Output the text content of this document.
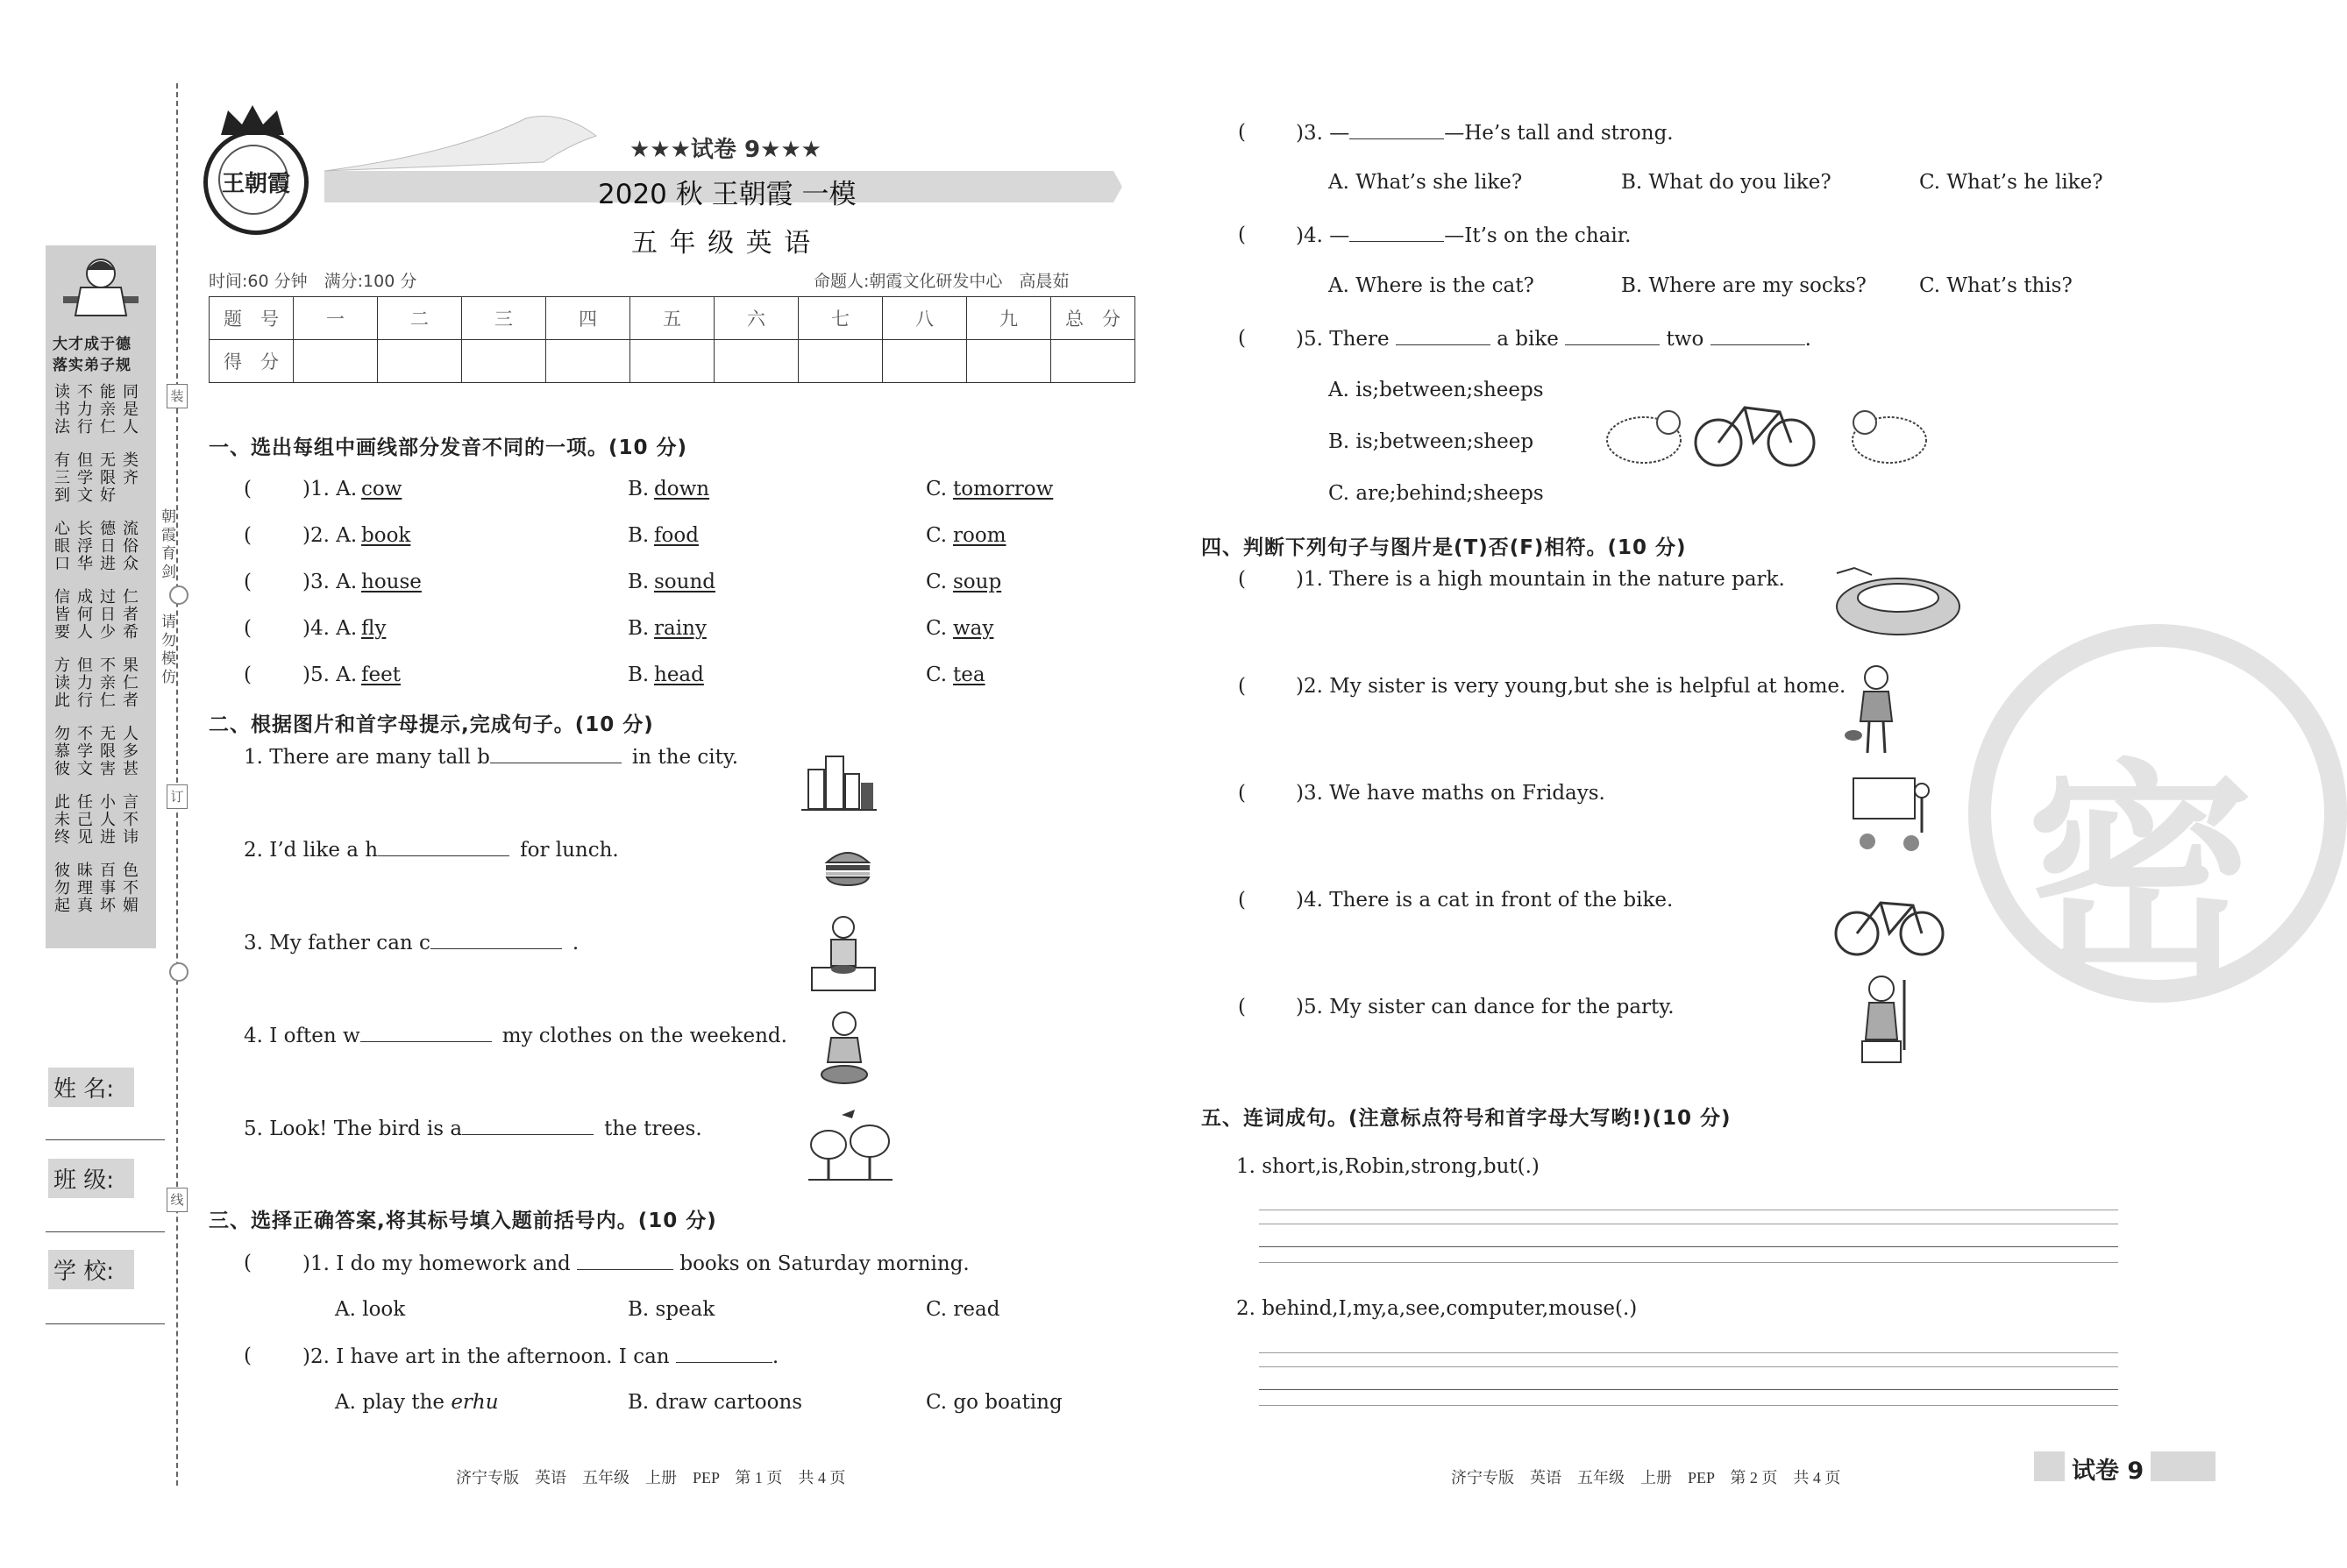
大才成于德
落实弟子规
读书法
不力行
能亲仁
同是人
有三到
但学文
无限好
类齐
心眼口
长浮华
德日进
流俗众
信皆要
成何人
过日少
仁者希
方读此
但力行
不亲仁
果仁者
勿慕彼
不学文
无限害
人多甚
此未终
任己见
小人进
言不讳
彼勿起
昧理真
百事坏
色不媚
朝霞育剑
请勿模仿
装
订
线
姓 名:
班 级:
学 校:
王朝霞
★★★试卷 9★★★
2020 秋 王朝霞 一模
五 年 级 英 语
时间:60 分钟　满分:100 分	命题人:朝霞文化研发中心　高晨茹
题　号	一	二	三	四	五	六	七	八	九	总　分
得　分										
一、选出每组中画线部分发音不同的一项。(10 分)
(	)1. A. cow	B. down	C. tomorrow
(	)2. A. book	B. food	C. room
(	)3. A. house	B. sound	C. soup
(	)4. A. fly	B. rainy	C. way
(	)5. A. feet	B. head	C. tea
二、根据图片和首字母提示,完成句子。(10 分)
1. There are many tall b	in the city.
2. I’d like a h	for lunch.
3. My father can c	.
4. I often w	my clothes on the weekend.
5. Look! The bird is a	the trees.
三、选择正确答案,将其标号填入题前括号内。(10 分)
(	)1. I do my homework and	books on Saturday morning.
A. look	B. speak	C. read
(	)2. I have art in the afternoon. I can	.
A. play the erhu	B. draw cartoons	C. go boating
( )3. —	—He’s tall and strong.
A. What’s she like?	B. What do you like?	C. What’s he like?
( )4. —	—It’s on the chair.
A. Where is the cat?	B. Where are my socks?	C. What’s this?
( )5. There	a bike	two	.
A. is;between;sheeps
B. is;between;sheep
C. are;behind;sheeps
四、判断下列句子与图片是(T)否(F)相符。(10 分)
( )1. There is a high mountain in the nature park.
( )2. My sister is very young,but she is helpful at home.
( )3. We have maths on Fridays.
( )4. There is a cat in front of the bike.
( )5. My sister can dance for the party.
五、连词成句。(注意标点符号和首字母大写哟!)(10 分)
1. short,is,Robin,strong,but(.)
2. behind,I,my,a,see,computer,mouse(.)
密
济宁专版　英语　五年级　上册　PEP　第 1 页　共 4 页	济宁专版　英语　五年级　上册　PEP　第 2 页　共 4 页	试卷 9
